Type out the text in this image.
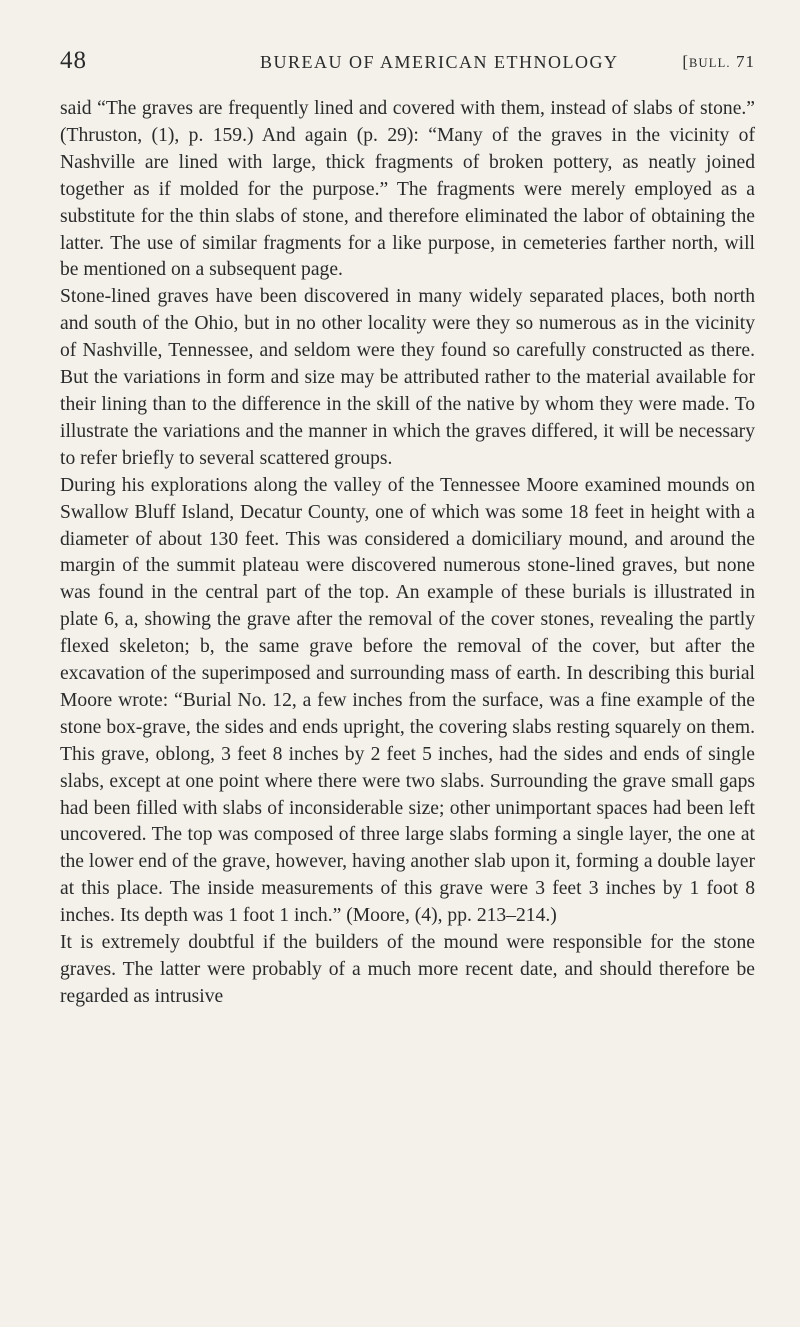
48	BUREAU OF AMERICAN ETHNOLOGY	[BULL. 71

said “The graves are frequently lined and covered with them, instead of slabs of stone.” (Thruston, (1), p. 159.) And again (p. 29): “Many of the graves in the vicinity of Nashville are lined with large, thick fragments of broken pottery, as neatly joined together as if molded for the purpose.” The fragments were merely employed as a substitute for the thin slabs of stone, and therefore eliminated the labor of obtaining the latter. The use of similar fragments for a like purpose, in cemeteries farther north, will be mentioned on a subsequent page.

Stone-lined graves have been discovered in many widely separated places, both north and south of the Ohio, but in no other locality were they so numerous as in the vicinity of Nashville, Tennessee, and seldom were they found so carefully constructed as there. But the variations in form and size may be attributed rather to the material available for their lining than to the difference in the skill of the native by whom they were made. To illustrate the variations and the manner in which the graves differed, it will be necessary to refer briefly to several scattered groups.

During his explorations along the valley of the Tennessee Moore examined mounds on Swallow Bluff Island, Decatur County, one of which was some 18 feet in height with a diameter of about 130 feet. This was considered a domiciliary mound, and around the margin of the summit plateau were discovered numerous stone-lined graves, but none was found in the central part of the top. An example of these burials is illustrated in plate 6, a, showing the grave after the removal of the cover stones, revealing the partly flexed skeleton; b, the same grave before the removal of the cover, but after the excavation of the superimposed and surrounding mass of earth. In describing this burial Moore wrote: “Burial No. 12, a few inches from the surface, was a fine example of the stone box-grave, the sides and ends upright, the covering slabs resting squarely on them. This grave, oblong, 3 feet 8 inches by 2 feet 5 inches, had the sides and ends of single slabs, except at one point where there were two slabs. Surrounding the grave small gaps had been filled with slabs of inconsiderable size; other unimportant spaces had been left uncovered. The top was composed of three large slabs forming a single layer, the one at the lower end of the grave, however, having another slab upon it, forming a double layer at this place. The inside measurements of this grave were 3 feet 3 inches by 1 foot 8 inches. Its depth was 1 foot 1 inch.” (Moore, (4), pp. 213–214.)

It is extremely doubtful if the builders of the mound were responsible for the stone graves. The latter were probably of a much more recent date, and should therefore be regarded as intrusive
